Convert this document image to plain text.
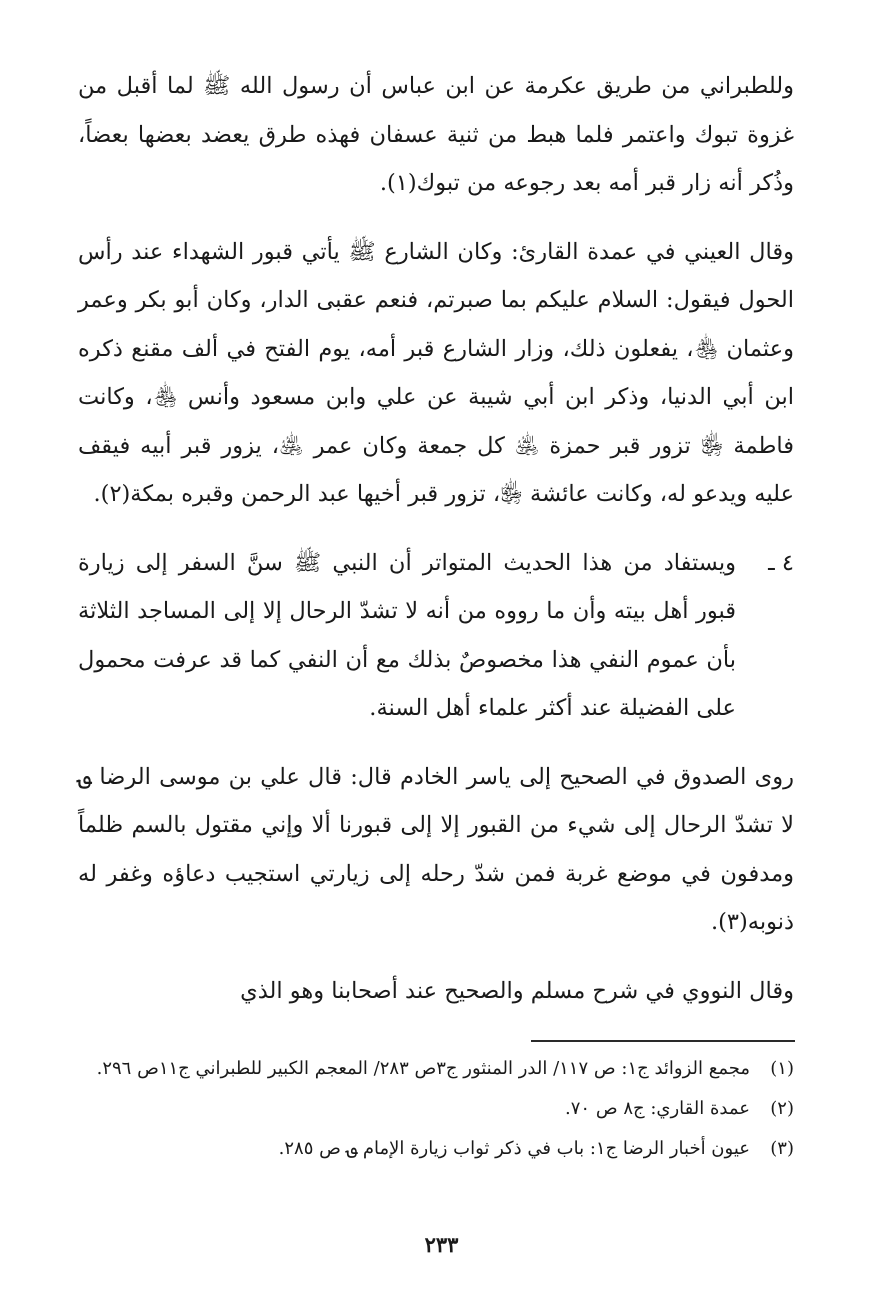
وللطبراني من طريق عكرمة عن ابن عباس أن رسول الله ﷺ لما أقبل من غزوة تبوك واعتمر فلما هبط من ثنية عسفان فهذه طرق يعضد بعضها بعضاً، وذُكر أنه زار قبر أمه بعد رجوعه من تبوك(١).

وقال العيني في عمدة القارئ: وكان الشارع ﷺ يأتي قبور الشهداء عند رأس الحول فيقول: السلام عليكم بما صبرتم، فنعم عقبى الدار، وكان أبو بكر وعمر وعثمان ﵃، يفعلون ذلك، وزار الشارع قبر أمه، يوم الفتح في ألف مقنع ذكره ابن أبي الدنيا، وذكر ابن أبي شيبة عن علي وابن مسعود وأنس ﵃، وكانت فاطمة ﵂ تزور قبر حمزة ﵁ كل جمعة وكان عمر ﵁، يزور قبر أبيه فيقف عليه ويدعو له، وكانت عائشة ﵂، تزور قبر أخيها عبد الرحمن وقبره بمكة(٢).

٤ ـ
ويستفاد من هذا الحديث المتواتر أن النبي ﷺ سنَّ السفر إلى زيارة قبور أهل بيته وأن ما رووه من أنه لا تشدّ الرحال إلا إلى المساجد الثلاثة بأن عموم النفي هذا مخصوصٌ بذلك مع أن النفي كما قد عرفت محمول على الفضيلة عند أكثر علماء أهل السنة.

روى الصدوق في الصحيح إلى ياسر الخادم قال: قال علي بن موسى الرضا ؈ لا تشدّ الرحال إلى شيء من القبور إلا إلى قبورنا ألا وإني مقتول بالسم ظلماً ومدفون في موضع غربة فمن شدّ رحله إلى زيارتي استجيب دعاؤه وغفر له ذنوبه(٣).

وقال النووي في شرح مسلم والصحيح عند أصحابنا وهو الذي

(١)
مجمع الزوائد ج١: ص ١١٧/ الدر المنثور ج٣ص ٢٨٣/ المعجم الكبير للطبراني ج١١ص ٢٩٦.
(٢)
عمدة القاري: ج٨ ص ٧٠.
(٣)
عيون أخبار الرضا ج١: باب في ذكر ثواب زيارة الإمام ؈ ص ٢٨٥.
٢٣٣
